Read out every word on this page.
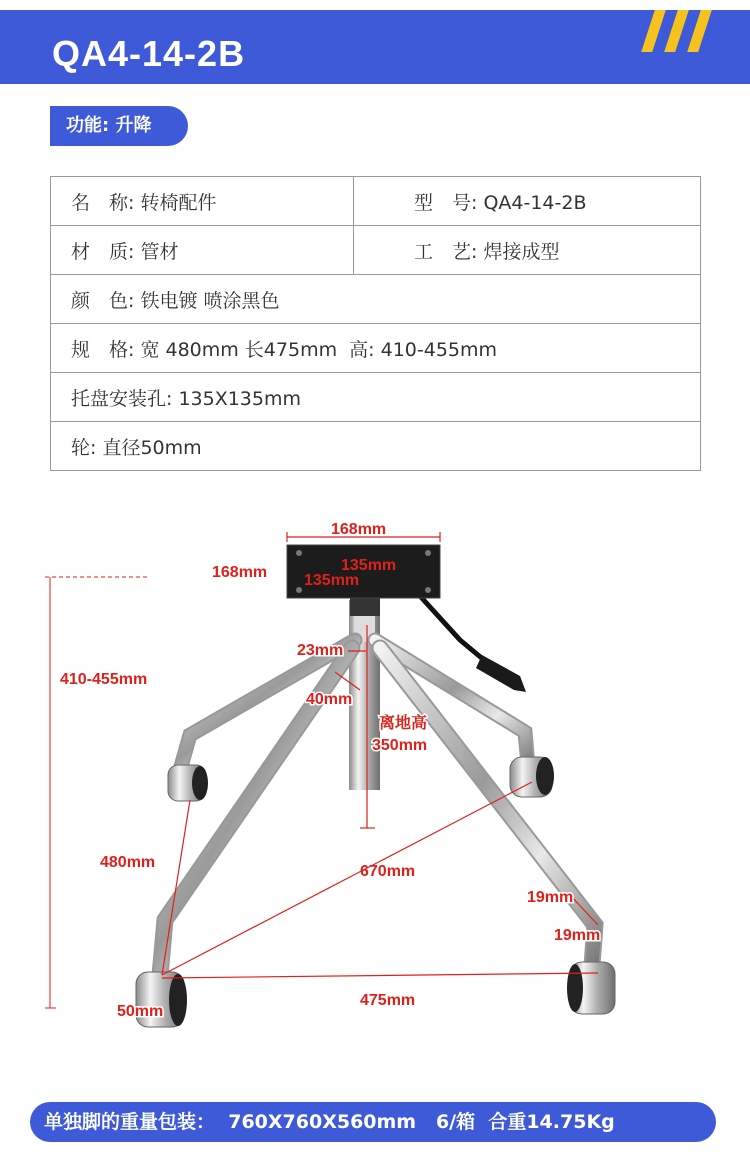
QA4-14-2B
功能: 升降
名　称: 转椅配件	型　号: QA4-14-2B
材　质: 管材	工　艺: 焊接成型
颜　色: 铁电镀 喷涂黑色	
规　格: 宽 480mm 长475mm  高: 410-455mm	
托盘安装孔: 135X135mm	
轮: 直径50mm	
168mm
168mm	135mm
135mm
410-455mm
23mm
40mm
离地高
350mm
480mm
670mm
19mm
19mm
50mm
475mm
单独脚的重量包装：  760X760X560mm   6/箱  合重14.75Kg
